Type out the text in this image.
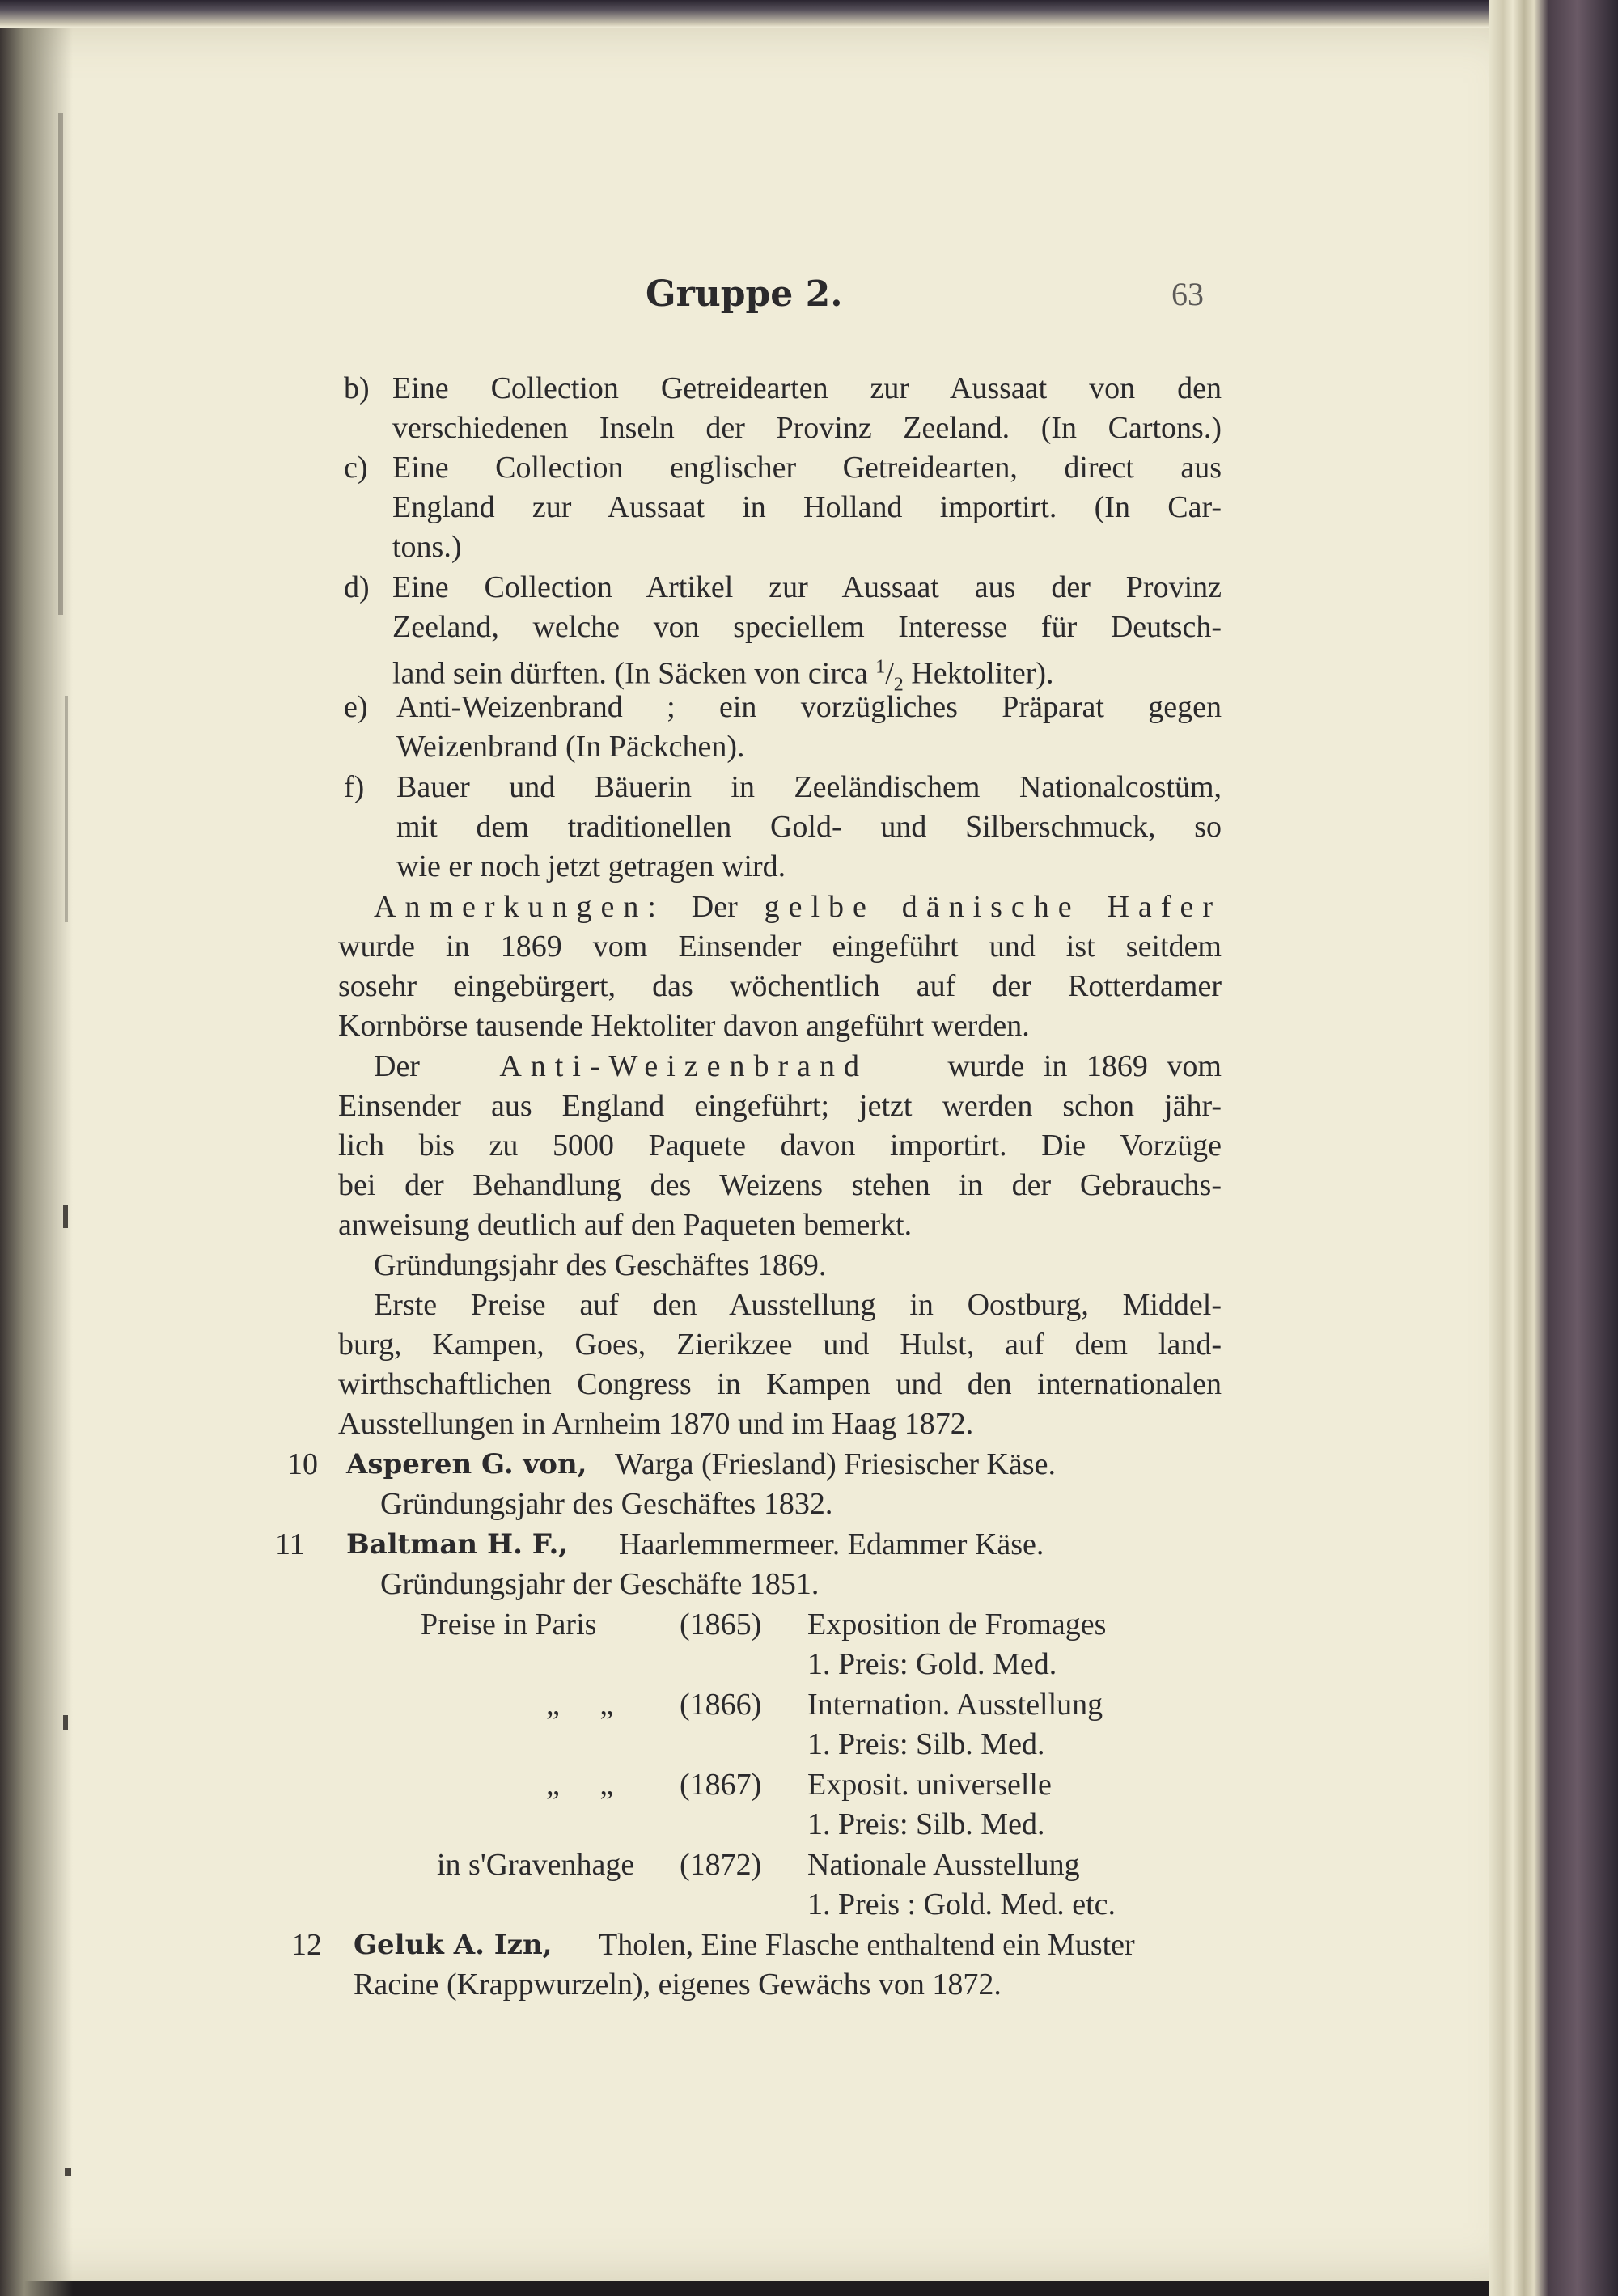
Gruppe 2.	63
b) Eine Collection Getreidearten zur Aussaat von den
verschiedenen Inseln der Provinz Zeeland. (In Cartons.)
c) Eine Collection englischer Getreidearten, direct aus
England zur Aussaat in Holland importirt. (In Car-
tons.)
d) Eine Collection Artikel zur Aussaat aus der Provinz
Zeeland, welche von speciellem Interesse für Deutsch-
land sein dürften. (In Säcken von circa $^1/_2$ Hektoliter).
e) Anti-Weizenbrand ; ein vorzügliches Präparat gegen
Weizenbrand (In Päckchen).
f) Bauer und Bäuerin in Zeeländischem Nationalcostüm,
mit dem traditionellen Gold- und Silberschmuck, so
wie er noch jetzt getragen wird.
Anmerkungen: Der gelbe dänische Hafer
wurde in 1869 vom Einsender eingeführt und ist seitdem
sosehr eingebürgert, das wöchentlich auf der Rotterdamer
Kornbörse tausende Hektoliter davon angeführt werden.
Der	Anti-Weizenbrand	wurde in 1869 vom
Einsender aus England eingeführt; jetzt werden schon jähr-
lich bis zu 5000 Paquete davon importirt. Die Vorzüge
bei der Behandlung des Weizens stehen in der Gebrauchs-
anweisung deutlich auf den Paqueten bemerkt.
Gründungsjahr des Geschäftes 1869.
Erste Preise auf den Ausstellung in Oostburg, Middel-
burg, Kampen, Goes, Zierikzee und Hulst, auf dem land-
wirthschaftlichen Congress in Kampen und den internationalen
Ausstellungen in Arnheim 1870 und im Haag 1872.
10 Asperen G. von, Warga (Friesland) Friesischer Käse.
Gründungsjahr des Geschäftes 1832.
11 Baltman H. F., Haarlemmermeer. Edammer Käse.
Gründungsjahr der Geschäfte 1851.
Preise in Paris	(1865) Exposition de Fromages
1. Preis: Gold. Med.
„ „ (1866) Internation. Ausstellung
1. Preis: Silb. Med.
„ „ (1867) Exposit. universelle
1. Preis: Silb. Med.
in s'Gravenhage (1872) Nationale Ausstellung
1. Preis : Gold. Med. etc.
12 Geluk A. Izn, Tholen, Eine Flasche enthaltend ein Muster
Racine (Krappwurzeln), eigenes Gewächs von 1872.
